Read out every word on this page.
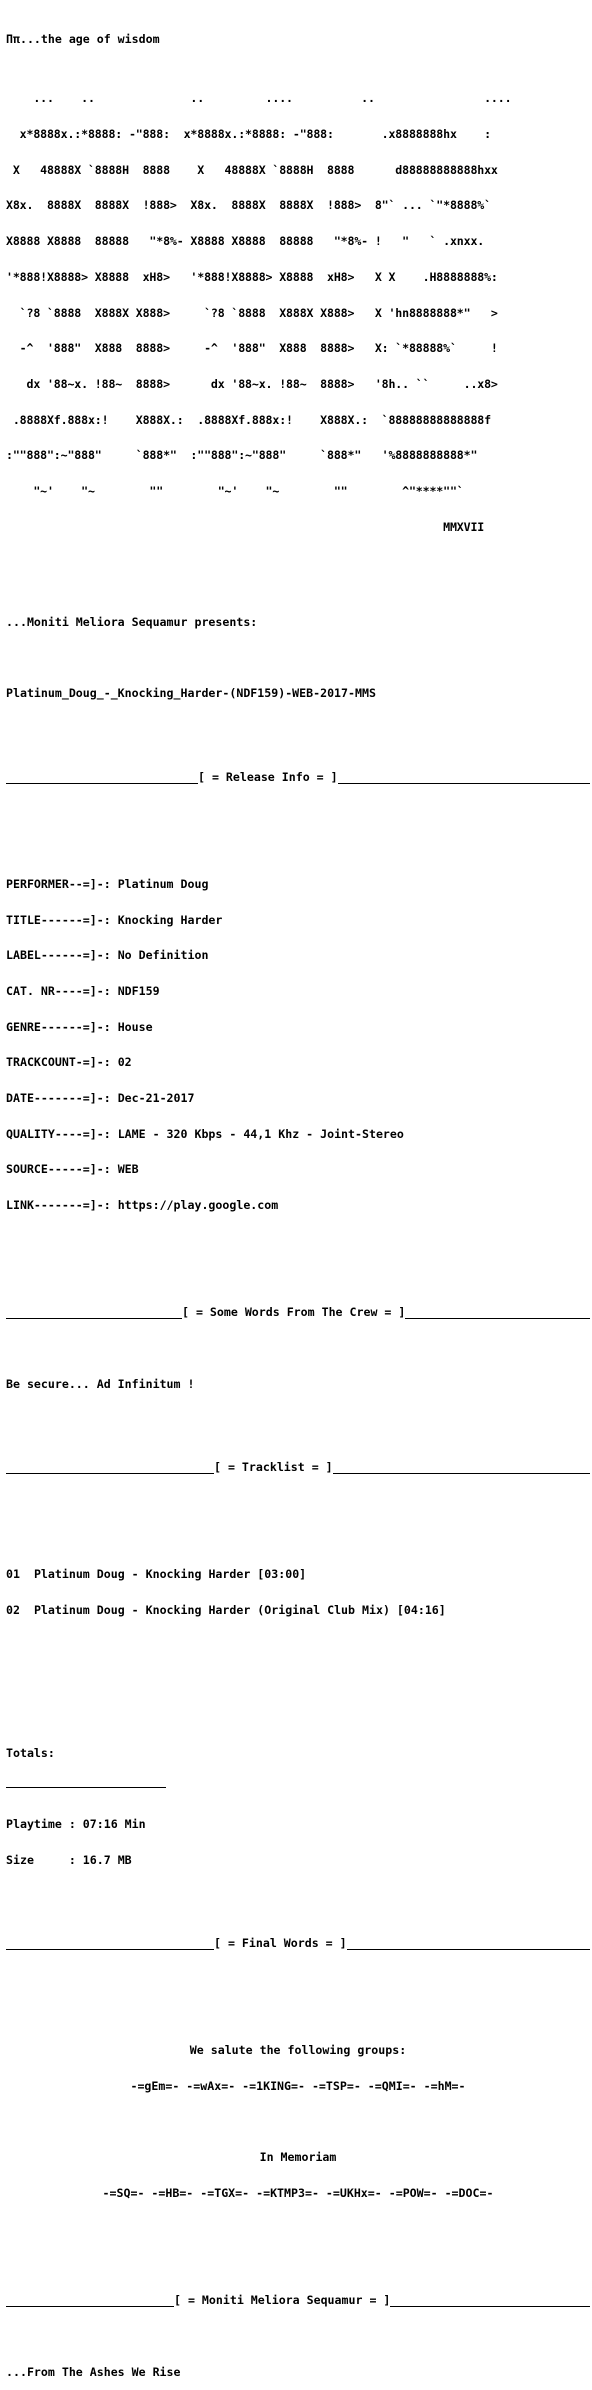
Ππ...the age of wisdom

...    ..              ..         ....          ..                ....

x*8888x.:*8888: -"888:  x*8888x.:*8888: -"888:       .x8888888hx    :

X   48888X `8888H  8888    X   48888X `8888H  8888      d88888888888hxx

X8x.  8888X  8888X  !888>  X8x.  8888X  8888X  !888>  8"` ... `"*8888%`

X8888 X8888  88888   "*8%- X8888 X8888  88888   "*8%- !   "   ` .xnxx.

'*888!X8888> X8888  xH8>   '*888!X8888> X8888  xH8>   X X    .H8888888%:

`?8 `8888  X888X X888>     `?8 `8888  X888X X888>   X 'hn8888888*"   >

-^  '888"  X888  8888>     -^  '888"  X888  8888>   X: `*88888%`     !

dx '88~x. !88~  8888>      dx '88~x. !88~  8888>   '8h.. ``     ..x8>

.8888Xf.888x:!    X888X.:  .8888Xf.888x:!    X888X.:  `88888888888888f

:""888":~"888"     `888*"  :""888":~"888"     `888*"   '%8888888888*"

"~'    "~        ""        "~'    "~        ""        ^"****""`

MMXVII

...Moniti Meliora Sequamur presents:

Platinum_Doug_-_Knocking_Harder-(NDF159)-WEB-2017-MMS

[ = Release Info = ]

PERFORMER--=]-: Platinum Doug

TITLE------=]-: Knocking Harder

LABEL------=]-: No Definition

CAT. NR----=]-: NDF159

GENRE------=]-: House

TRACKCOUNT-=]-: 02

DATE-------=]-: Dec-21-2017

QUALITY----=]-: LAME - 320 Kbps - 44,1 Khz - Joint-Stereo

SOURCE-----=]-: WEB

LINK-------=]-: https://play.google.com

[ = Some Words From The Crew = ]

Be secure... Ad Infinitum !

[ = Tracklist = ]

01 Platinum Doug - Knocking Harder [03:00]

02 Platinum Doug - Knocking Harder (Original Club Mix) [04:16]

Totals:

Playtime : 07:16 Min

Size     : 16.7 MB

[ = Final Words = ]

We salute the following groups:

-=gEm=- -=wAx=- -=1KING=- -=TSP=- -=QMI=- -=hM=-

In Memoriam

-=SQ=- -=HB=- -=TGX=- -=KTMP3=- -=UKHx=- -=POW=- -=DOC=-

[ = Moniti Meliora Sequamur = ]

...From The Ashes We Rise
